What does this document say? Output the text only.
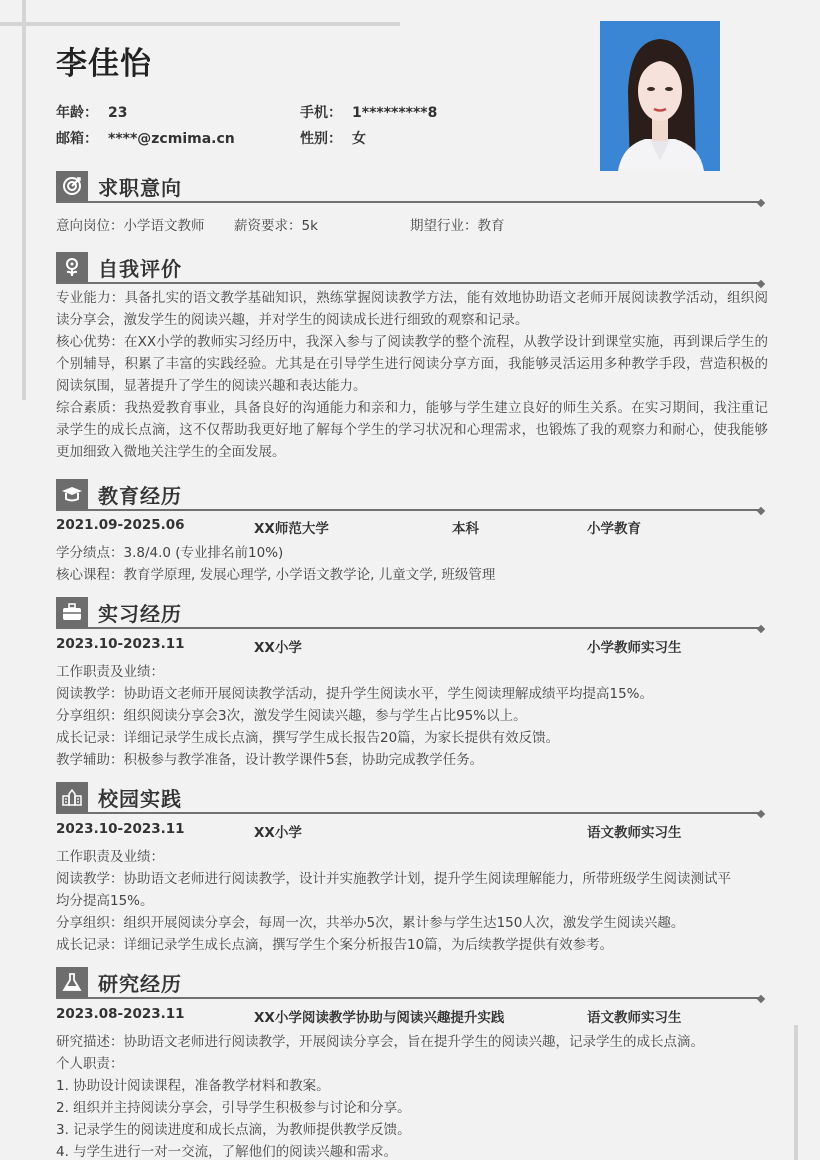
李佳怡
年龄： 23	手机： 1*********8
邮箱： ****@zcmima.cn	性别： 女
求职意向
意向岗位：小学语文教师 薪资要求：5k	期望行业：教育
自我评价
专业能力：具备扎实的语文教学基础知识，熟练掌握阅读教学方法，能有效地协助语文老师开展阅读教学活动，组织阅读分享会，激发学生的阅读兴趣，并对学生的阅读成长进行细致的观察和记录。
核心优势：在XX小学的教师实习经历中，我深入参与了阅读教学的整个流程，从教学设计到课堂实施，再到课后学生的个别辅导，积累了丰富的实践经验。尤其是在引导学生进行阅读分享方面，我能够灵活运用多种教学手段，营造积极的阅读氛围，显著提升了学生的阅读兴趣和表达能力。
综合素质：我热爱教育事业，具备良好的沟通能力和亲和力，能够与学生建立良好的师生关系。在实习期间，我注重记录学生的成长点滴，这不仅帮助我更好地了解每个学生的学习状况和心理需求，也锻炼了我的观察力和耐心，使我能够更加细致入微地关注学生的全面发展。
教育经历
2021.09-2025.06	XX师范大学	本科	小学教育
学分绩点：3.8/4.0 (专业排名前10%)
核心课程：教育学原理, 发展心理学, 小学语文教学论, 儿童文学, 班级管理
实习经历
2023.10-2023.11	XX小学	小学教师实习生
工作职责及业绩：
阅读教学：协助语文老师开展阅读教学活动，提升学生阅读水平，学生阅读理解成绩平均提高15%。
分享组织：组织阅读分享会3次，激发学生阅读兴趣，参与学生占比95%以上。
成长记录：详细记录学生成长点滴，撰写学生成长报告20篇，为家长提供有效反馈。
教学辅助：积极参与教学准备，设计教学课件5套，协助完成教学任务。
校园实践
2023.10-2023.11	XX小学	语文教师实习生
工作职责及业绩：
阅读教学：协助语文老师进行阅读教学，设计并实施教学计划，提升学生阅读理解能力，所带班级学生阅读测试平
均分提高15%。
分享组织：组织开展阅读分享会，每周一次，共举办5次，累计参与学生达150人次，激发学生阅读兴趣。
成长记录：详细记录学生成长点滴，撰写学生个案分析报告10篇，为后续教学提供有效参考。
研究经历
2023.08-2023.11	XX小学阅读教学协助与阅读兴趣提升实践	语文教师实习生
研究描述：协助语文老师进行阅读教学，开展阅读分享会，旨在提升学生的阅读兴趣，记录学生的成长点滴。
个人职责：
1. 协助设计阅读课程，准备教学材料和教案。
2. 组织并主持阅读分享会，引导学生积极参与讨论和分享。
3. 记录学生的阅读进度和成长点滴，为教师提供教学反馈。
4. 与学生进行一对一交流，了解他们的阅读兴趣和需求。
